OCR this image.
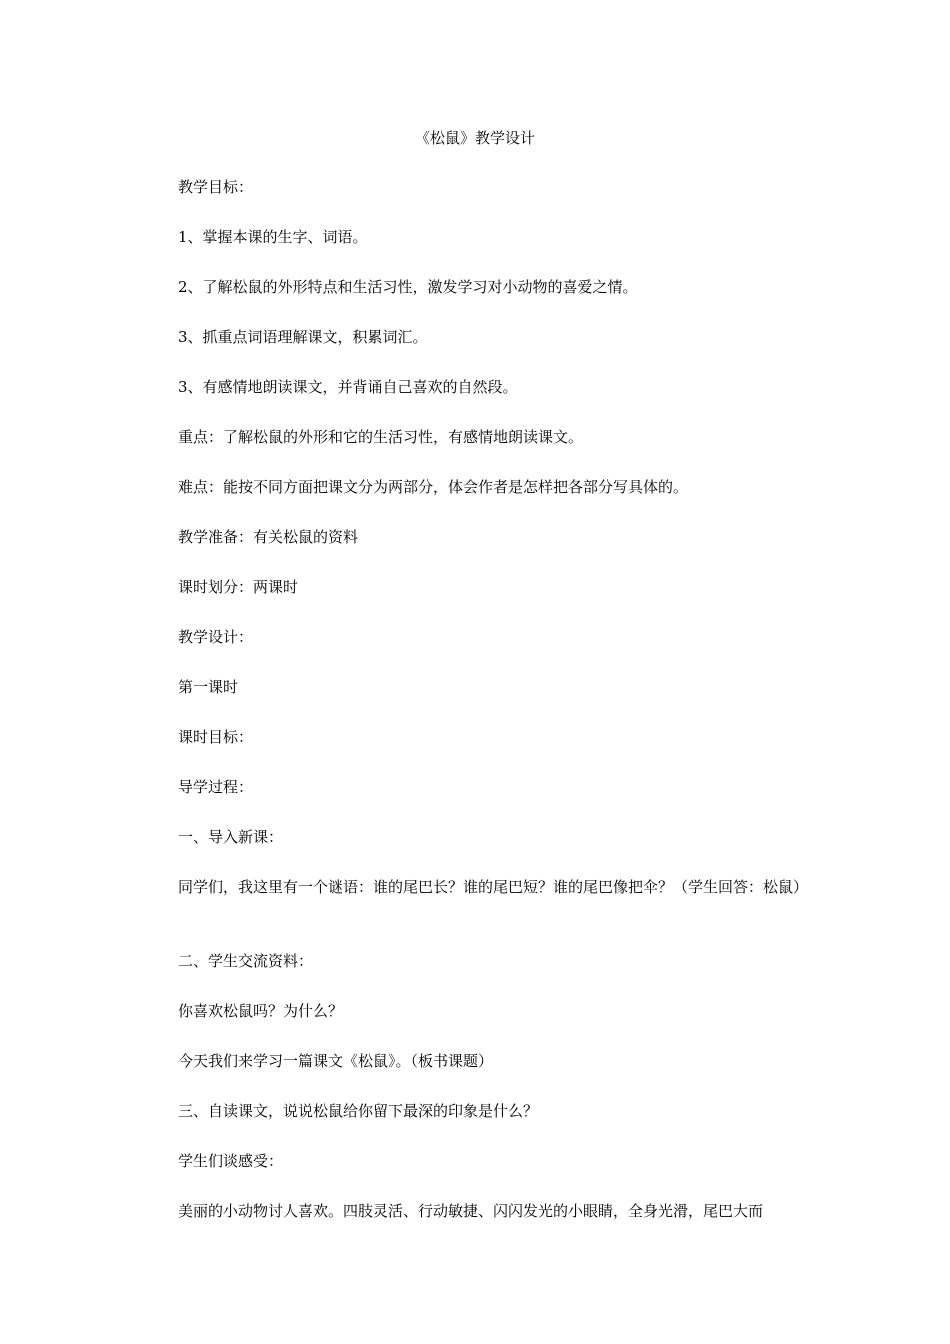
《松鼠》教学设计

教学目标：

1、掌握本课的生字、词语。

2、了解松鼠的外形特点和生活习性，激发学习对小动物的喜爱之情。

3、抓重点词语理解课文，积累词汇。

3、有感情地朗读课文，并背诵自己喜欢的自然段。

重点：了解松鼠的外形和它的生活习性，有感情地朗读课文。

难点：能按不同方面把课文分为两部分，体会作者是怎样把各部分写具体的。

教学准备：有关松鼠的资料

课时划分：两课时

教学设计：

第一课时

课时目标：

导学过程：

一、导入新课：

同学们，我这里有一个谜语：谁的尾巴长？谁的尾巴短？谁的尾巴像把伞？（学生回答：松鼠）

二、学生交流资料：

你喜欢松鼠吗？为什么？

今天我们来学习一篇课文《松鼠》。（板书课题）

三、自读课文，说说松鼠给你留下最深的印象是什么？

学生们谈感受：

美丽的小动物讨人喜欢。四肢灵活、行动敏捷、闪闪发光的小眼睛，全身光滑，尾巴大而
